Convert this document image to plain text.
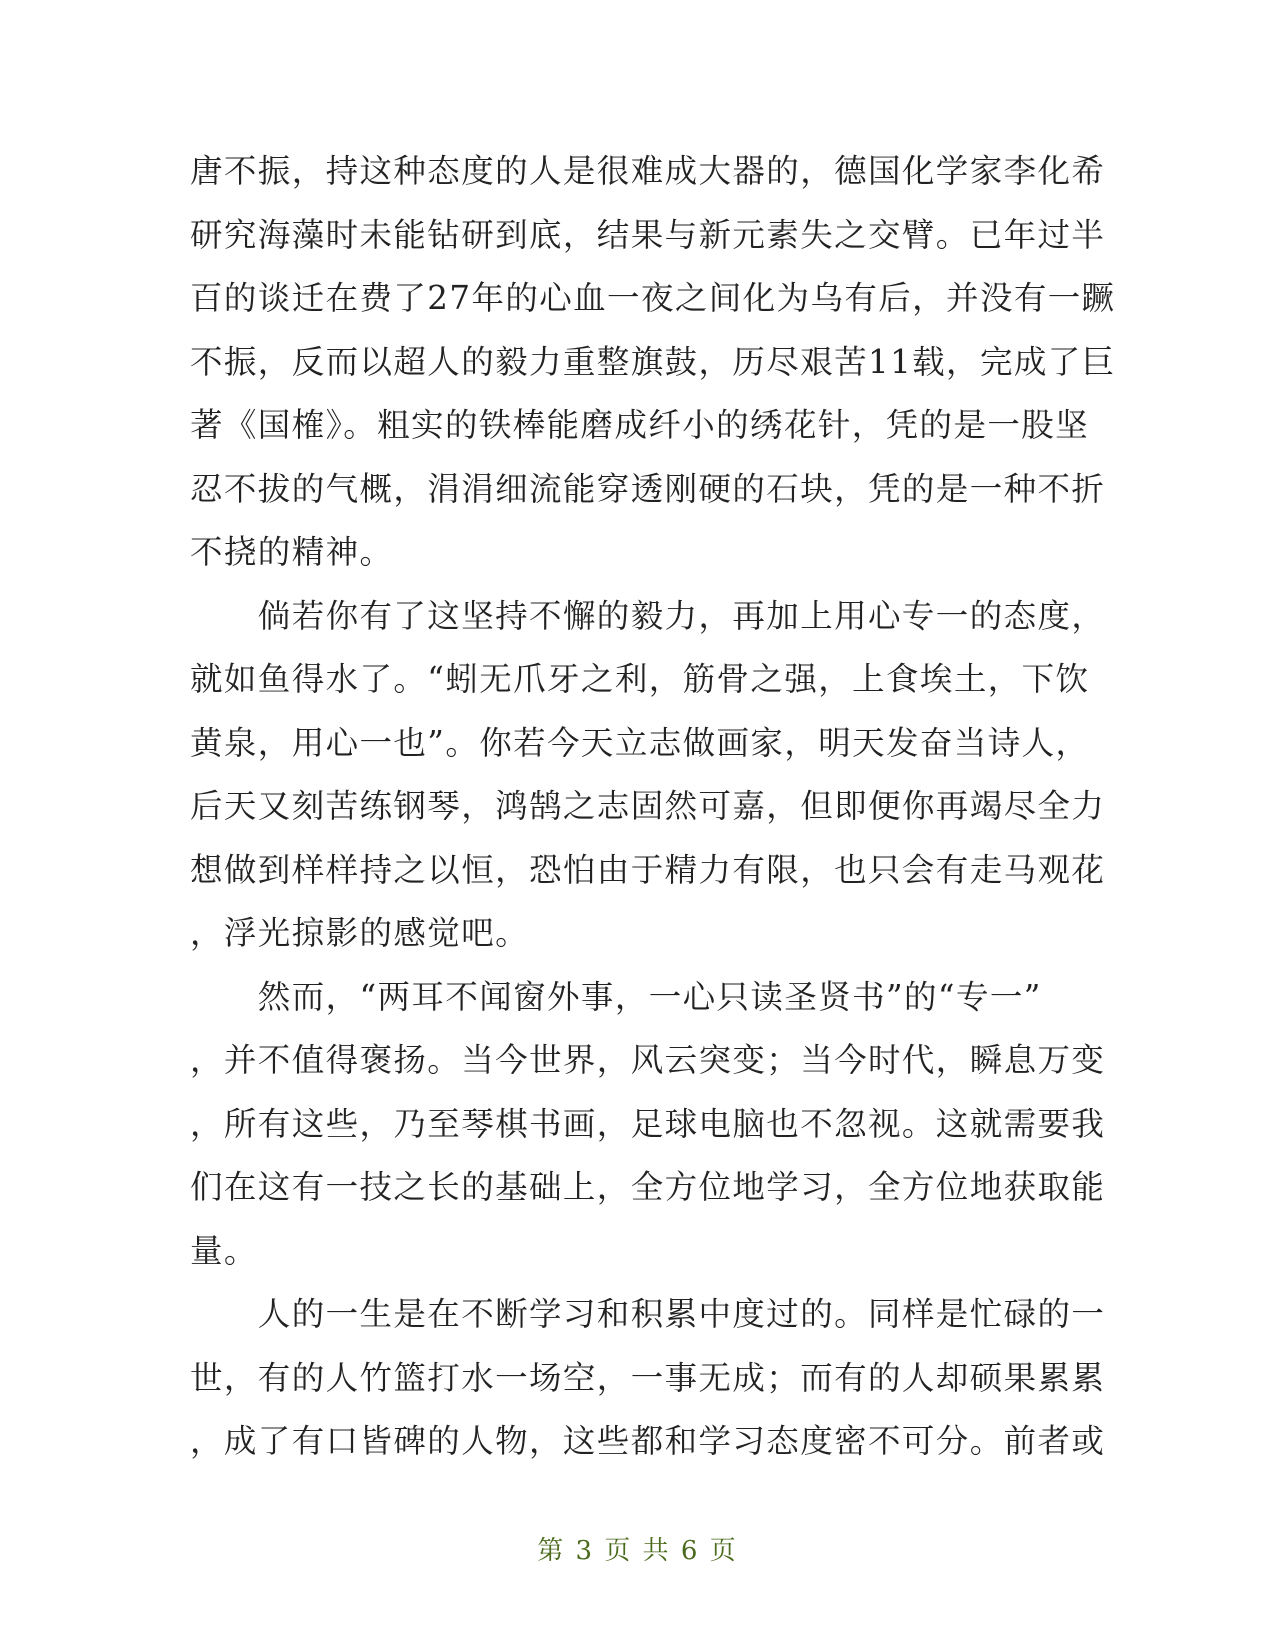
唐不振，持这种态度的人是很难成大器的，德国化学家李化希
研究海藻时未能钻研到底，结果与新元素失之交臂。已年过半
百的谈迁在费了27年的心血一夜之间化为乌有后，并没有一蹶
不振，反而以超人的毅力重整旗鼓，历尽艰苦11载，完成了巨
著《国榷》。粗实的铁棒能磨成纤小的绣花针，凭的是一股坚
忍不拔的气概，涓涓细流能穿透刚硬的石块，凭的是一种不折
不挠的精神。
　　倘若你有了这坚持不懈的毅力，再加上用心专一的态度，
就如鱼得水了。“蚓无爪牙之利，筋骨之强，上食埃土，下饮
黄泉，用心一也”。你若今天立志做画家，明天发奋当诗人，
后天又刻苦练钢琴，鸿鹄之志固然可嘉，但即便你再竭尽全力
想做到样样持之以恒，恐怕由于精力有限，也只会有走马观花
，浮光掠影的感觉吧。
　　然而，“两耳不闻窗外事，一心只读圣贤书”的“专一”
，并不值得褒扬。当今世界，风云突变；当今时代，瞬息万变
，所有这些，乃至琴棋书画，足球电脑也不忽视。这就需要我
们在这有一技之长的基础上，全方位地学习，全方位地获取能
量。
　　人的一生是在不断学习和积累中度过的。同样是忙碌的一
世，有的人竹篮打水一场空，一事无成；而有的人却硕果累累
，成了有口皆碑的人物，这些都和学习态度密不可分。前者或
第 3 页 共 6 页
